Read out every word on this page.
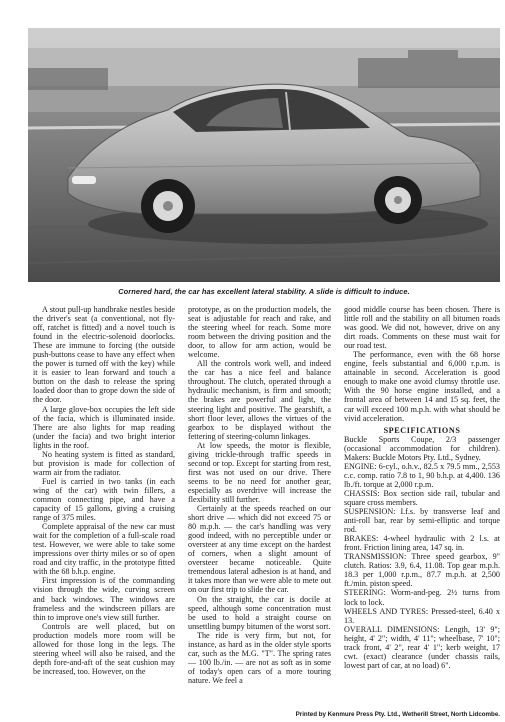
Cornered hard, the car has excellent lateral stability. A slide is difficult to induce.

A stout pull-up handbrake nestles beside the driver's seat (a conventional, not fly-off, ratchet is fitted) and a novel touch is found in the electric-solenoid doorlocks. These are immune to forcing (the outside push-buttons cease to have any effect when the power is turned off with the key) while it is easier to lean forward and touch a button on the dash to release the spring loaded door than to grope down the side of the door.

A large glove-box occupies the left side of the facia, which is illuminated inside. There are also lights for map reading (under the facia) and two bright interior lights in the roof.

No heating system is fitted as standard, but provision is made for collection of warm air from the radiator.

Fuel is carried in two tanks (in each wing of the car) with twin fillers, a common connecting pipe, and have a capacity of 15 gallons, giving a cruising range of 375 miles.

Complete appraisal of the new car must wait for the completion of a full-scale road test. However, we were able to take some impressions over thirty miles or so of open road and city traffic, in the prototype fitted with the 68 b.h.p. engine.

First impression is of the commanding vision through the wide, curving screen and back windows. The windows are frameless and the windscreen pillars are thin to improve one's view still further.

Controls are well placed, but on production models more room will be allowed for those long in the legs. The steering wheel will also be raised, and the depth fore-and-aft of the seat cushion may be increased, too. However, on the

prototype, as on the production models, the seat is adjustable for reach and rake, and the steering wheel for reach. Some more room between the driving position and the door, to allow for arm action, would be welcome.

All the controls work well, and indeed the car has a nice feel and balance throughout. The clutch, operated through a hydraulic mechanism, is firm and smooth; the brakes are powerful and light, the steering light and positive. The gearshift, a short floor lever, allows the virtues of the gearbox to be displayed without the fettering of steering-column linkages.

At low speeds, the motor is flexible, giving trickle-through traffic speeds in second or top. Except for starting from rest, first was not used on our drive. There seems to be no need for another gear, especially as overdrive will increase the flexibility still further.

Certainly at the speeds reached on our short drive — which did not exceed 75 or 80 m.p.h. — the car's handling was very good indeed, with no perceptible under or oversteer at any time except on the hardest of corners, when a slight amount of oversteer became noticeable. Quite tremendous lateral adhesion is at hand, and it takes more than we were able to mete out on our first trip to slide the car.

On the straight, the car is docile at speed, although some concentration must be used to hold a straight course on unsettling bumpy bitumen of the worst sort.

The ride is very firm, but not, for instance, as hard as in the older style sports car, such as the M.G. "T". The spring rates — 100 lb./in. — are not as soft as in some of today's open cars of a more touring nature. We feel a

good middle course has been chosen. There is little roll and the stability on all bitumen roads was good. We did not, however, drive on any dirt roads. Comments on these must wait for our road test.

The performance, even with the 68 horse engine, feels substantial and 6,000 r.p.m. is attainable in second. Acceleration is good enough to make one avoid clumsy throttle use. With the 90 horse engine installed, and a frontal area of between 14 and 15 sq. feet, the car will exceed 100 m.p.h. with what should be vivid acceleration.

SPECIFICATIONS

Buckle Sports Coupe, 2/3 passenger (occasional accommodation for children). Makers: Buckle Motors Pty. Ltd., Sydney.

ENGINE: 6-cyl., o.h.v., 82.5 x 79.5 mm., 2,553 c.c. comp. ratio 7.8 to 1, 90 b.h.p. at 4,400. 136 lb./ft. torque at 2,000 r.p.m.

CHASSIS: Box section side rail, tubular and square cross members.

SUSPENSION: I.f.s. by transverse leaf and anti-roll bar, rear by semi-elliptic and torque rod.

BRAKES: 4-wheel hydraulic with 2 l.s. at front. Friction lining area, 147 sq. in.

TRANSMISSION: Three speed gearbox, 9" clutch. Ratios: 3.9, 6.4, 11.08. Top gear m.p.h. 18.3 per 1,000 r.p.m., 87.7 m.p.h. at 2,500 ft./min. piston speed.

STEERING: Worm-and-peg. 2½ turns from lock to lock.

WHEELS AND TYRES: Pressed-steel, 6.40 x 13.

OVERALL DIMENSIONS: Length, 13' 9"; height, 4' 2"; width, 4' 11"; wheelbase, 7' 10"; track front, 4' 2", rear 4' 1"; kerb weight, 17 cwt. (exact) clearance (under chassis rails, lowest part of car, at no load) 6".

Printed by Kenmure Press Pty. Ltd., Wetherill Street, North Lidcombe.
